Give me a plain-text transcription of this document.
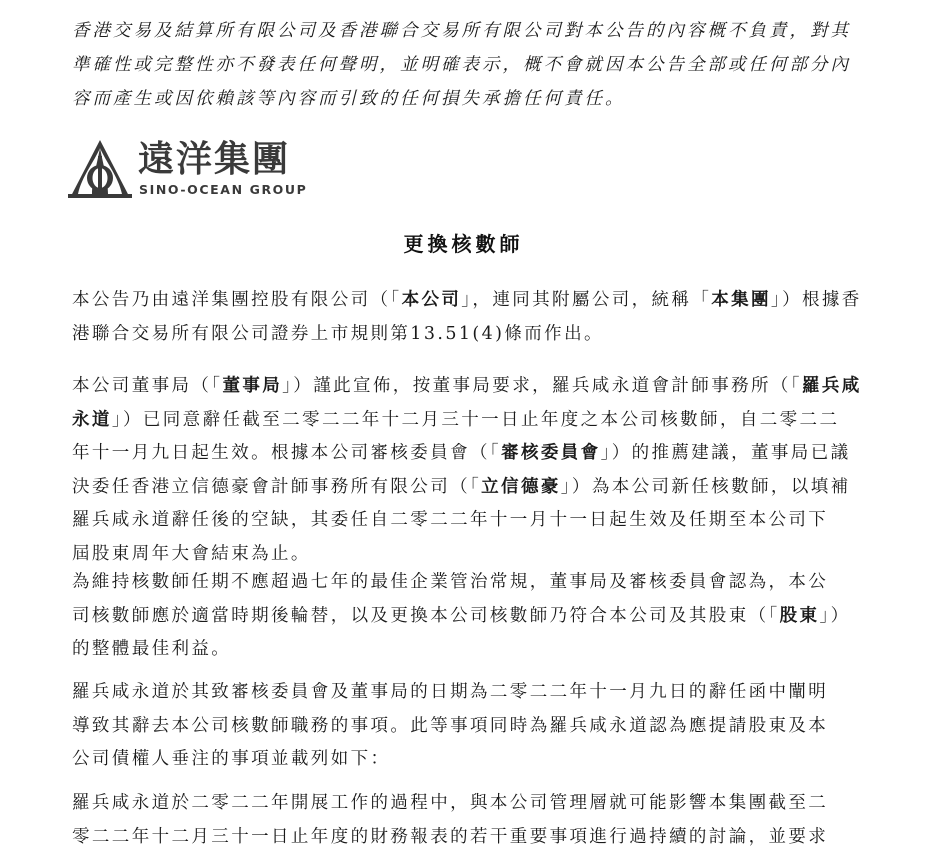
香港交易及結算所有限公司及香港聯合交易所有限公司對本公告的內容概不負責，對其
準確性或完整性亦不發表任何聲明，並明確表示，概不會就因本公告全部或任何部分內
容而產生或因依賴該等內容而引致的任何損失承擔任何責任。
遠洋集團
SINO-OCEAN GROUP
更換核數師
本公告乃由遠洋集團控股有限公司（「本公司」，連同其附屬公司，統稱「本集團」）根據香
港聯合交易所有限公司證券上市規則第13.51(4)條而作出。
本公司董事局（「董事局」）謹此宣佈，按董事局要求，羅兵咸永道會計師事務所（「羅兵咸
永道」）已同意辭任截至二零二二年十二月三十一日止年度之本公司核數師，自二零二二
年十一月九日起生效。根據本公司審核委員會（「審核委員會」）的推薦建議，董事局已議
決委任香港立信德豪會計師事務所有限公司（「立信德豪」）為本公司新任核數師，以填補
羅兵咸永道辭任後的空缺，其委任自二零二二年十一月十一日起生效及任期至本公司下
屆股東周年大會結束為止。
為維持核數師任期不應超過七年的最佳企業管治常規，董事局及審核委員會認為，本公
司核數師應於適當時期後輪替，以及更換本公司核數師乃符合本公司及其股東（「股東」）
的整體最佳利益。
羅兵咸永道於其致審核委員會及董事局的日期為二零二二年十一月九日的辭任函中闡明
導致其辭去本公司核數師職務的事項。此等事項同時為羅兵咸永道認為應提請股東及本
公司債權人垂注的事項並載列如下：
羅兵咸永道於二零二二年開展工作的過程中，與本公司管理層就可能影響本集團截至二
零二二年十二月三十一日止年度的財務報表的若干重要事項進行過持續的討論，並要求
